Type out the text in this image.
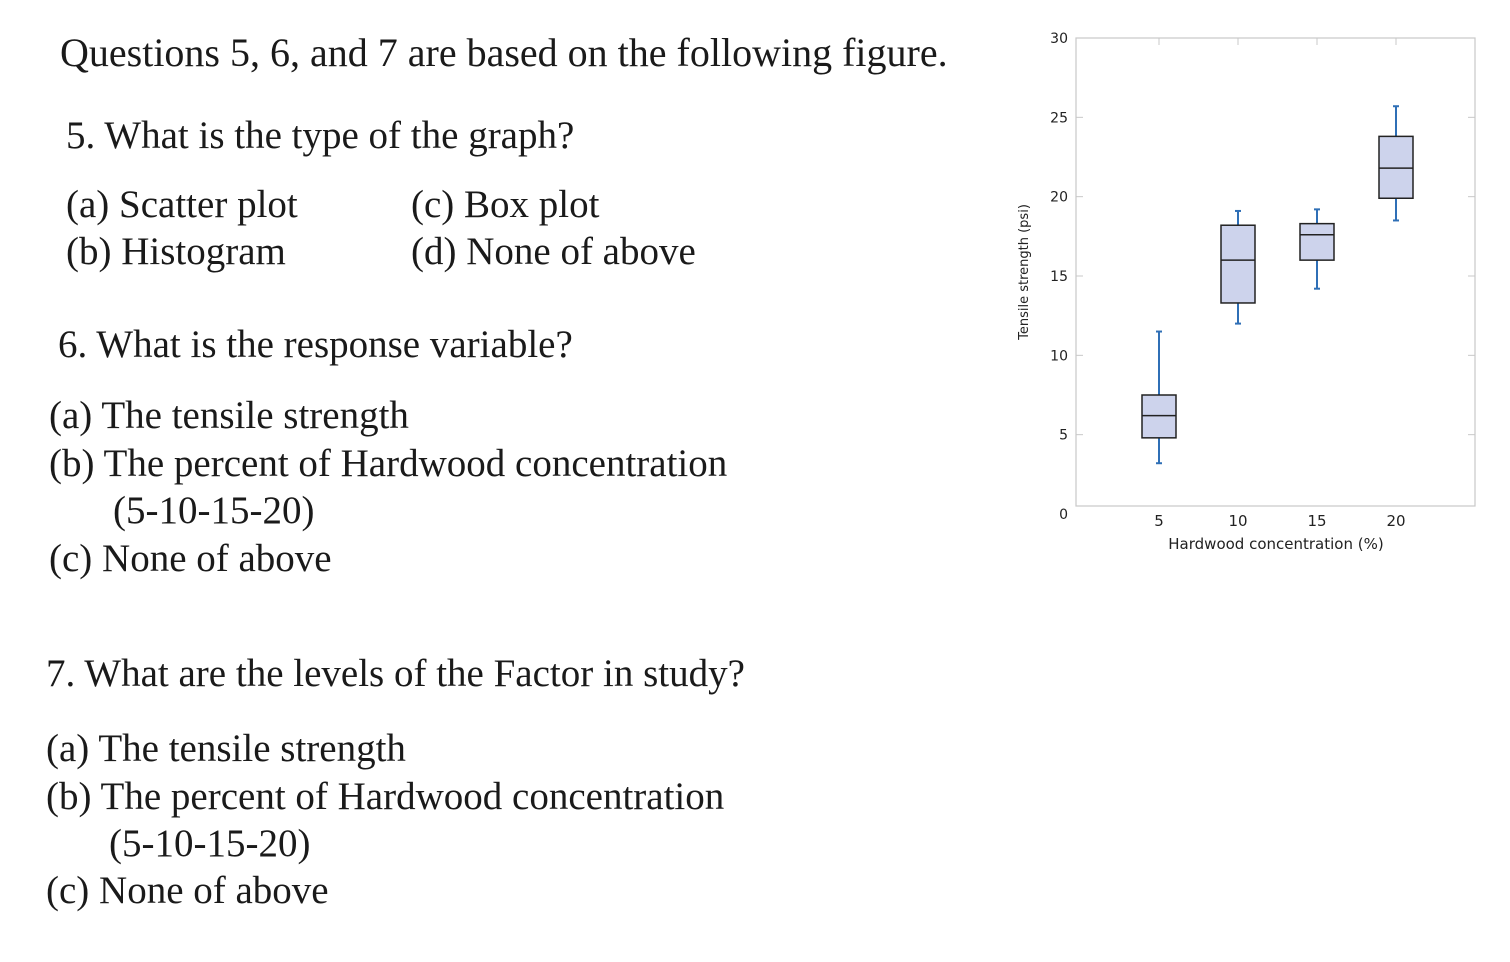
Questions 5, 6, and 7 are based on the following figure.
5. What is the type of the graph?
(a) Scatter plot
(b) Histogram
(c) Box plot
(d) None of above
6. What is the response variable?
(a) The tensile strength
(b) The percent of Hardwood concentration
(5-10-15-20)
(c) None of above
7. What are the levels of the Factor in study?
(a) The tensile strength
(b) The percent of Hardwood concentration
(5-10-15-20)
(c) None of above
0
5
10
15
20
25
30
5	10	15	20
Hardwood concentration (%)
Tensile strength (psi)
